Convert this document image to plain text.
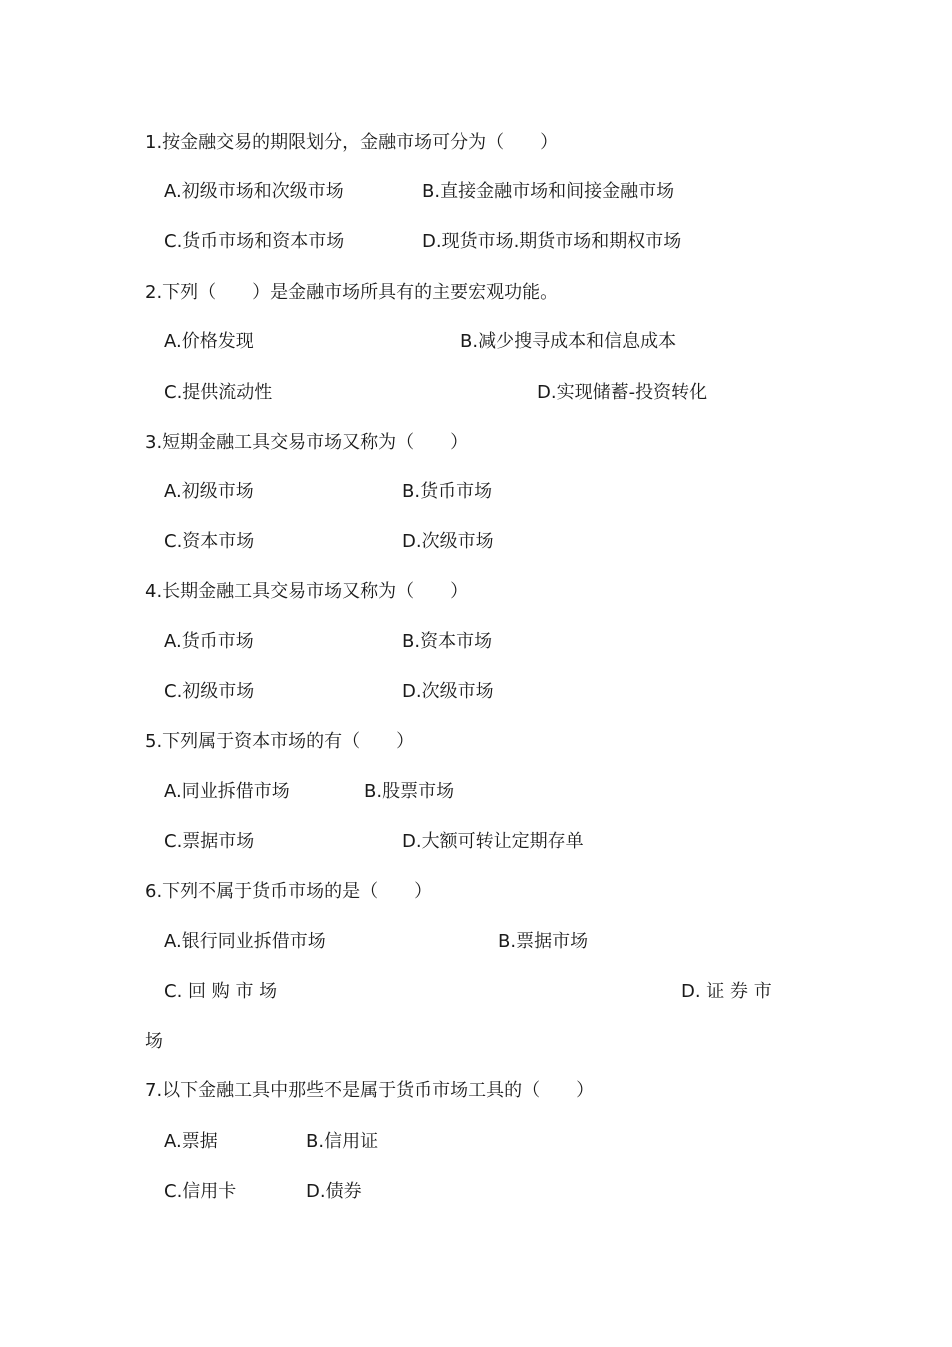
1.按金融交易的期限划分，金融市场可分为（　　）
A.初级市场和次级市场	B.直接金融市场和间接金融市场
C.货币市场和资本市场	D.现货市场.期货市场和期权市场
2.下列（　　）是金融市场所具有的主要宏观功能。
A.价格发现	B.减少搜寻成本和信息成本
C.提供流动性	D.实现储蓄-投资转化
3.短期金融工具交易市场又称为（　　）
A.初级市场	B.货币市场
C.资本市场	D.次级市场
4.长期金融工具交易市场又称为（　　）
A.货币市场	B.资本市场
C.初级市场	D.次级市场
5.下列属于资本市场的有（　　）
A.同业拆借市场	B.股票市场
C.票据市场	D.大额可转让定期存单
6.下列不属于货币市场的是（　　）
A.银行同业拆借市场	B.票据市场
C. 回 购 市 场	D. 证 券 市
场
7.以下金融工具中那些不是属于货币市场工具的（　　）
A.票据	B.信用证
C.信用卡	D.债券
